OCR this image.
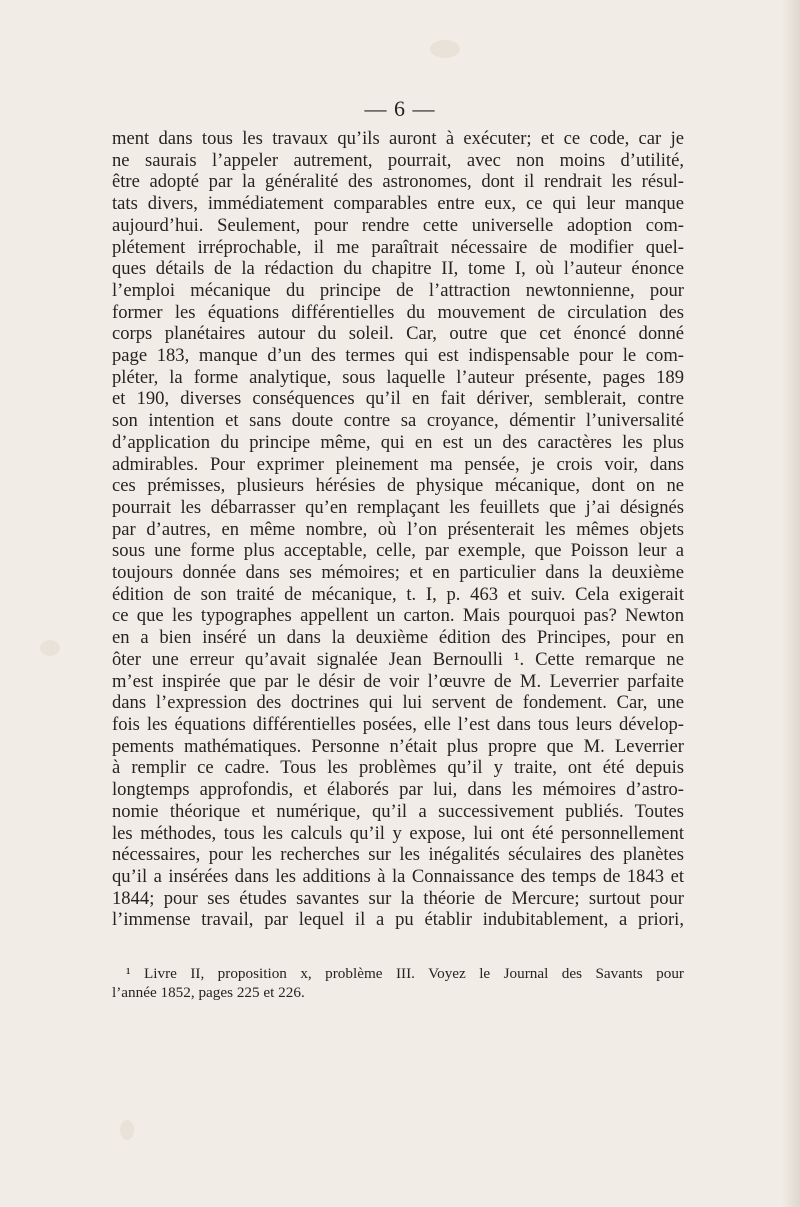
— 6 —
ment dans tous les travaux qu’ils auront à exécuter; et ce code, car je
ne saurais l’appeler autrement, pourrait, avec non moins d’utilité,
être adopté par la généralité des astronomes, dont il rendrait les résul-
tats divers, immédiatement comparables entre eux, ce qui leur manque
aujourd’hui. Seulement, pour rendre cette universelle adoption com-
plétement irréprochable, il me paraîtrait nécessaire de modifier quel-
ques détails de la rédaction du chapitre II, tome I, où l’auteur énonce
l’emploi mécanique du principe de l’attraction newtonnienne, pour
former les équations différentielles du mouvement de circulation des
corps planétaires autour du soleil. Car, outre que cet énoncé donné
page 183, manque d’un des termes qui est indispensable pour le com-
pléter, la forme analytique, sous laquelle l’auteur présente, pages 189
et 190, diverses conséquences qu’il en fait dériver, semblerait, contre
son intention et sans doute contre sa croyance, démentir l’universalité
d’application du principe même, qui en est un des caractères les plus
admirables. Pour exprimer pleinement ma pensée, je crois voir, dans
ces prémisses, plusieurs hérésies de physique mécanique, dont on ne
pourrait les débarrasser qu’en remplaçant les feuillets que j’ai désignés
par d’autres, en même nombre, où l’on présenterait les mêmes objets
sous une forme plus acceptable, celle, par exemple, que Poisson leur a
toujours donnée dans ses mémoires; et en particulier dans la deuxième
édition de son traité de mécanique, t. I, p. 463 et suiv. Cela exigerait
ce que les typographes appellent un carton. Mais pourquoi pas? Newton
en a bien inséré un dans la deuxième édition des Principes, pour en
ôter une erreur qu’avait signalée Jean Bernoulli ¹. Cette remarque ne
m’est inspirée que par le désir de voir l’œuvre de M. Leverrier parfaite
dans l’expression des doctrines qui lui servent de fondement. Car, une
fois les équations différentielles posées, elle l’est dans tous leurs dévelop-
pements mathématiques. Personne n’était plus propre que M. Leverrier
à remplir ce cadre. Tous les problèmes qu’il y traite, ont été depuis
longtemps approfondis, et élaborés par lui, dans les mémoires d’astro-
nomie théorique et numérique, qu’il a successivement publiés. Toutes
les méthodes, tous les calculs qu’il y expose, lui ont été personnellement
nécessaires, pour les recherches sur les inégalités séculaires des planètes
qu’il a insérées dans les additions à la Connaissance des temps de 1843 et
1844; pour ses études savantes sur la théorie de Mercure; surtout pour
l’immense travail, par lequel il a pu établir indubitablement, a priori,
¹ Livre II, proposition x, problème III. Voyez le Journal des Savants pour
l’année 1852, pages 225 et 226.
